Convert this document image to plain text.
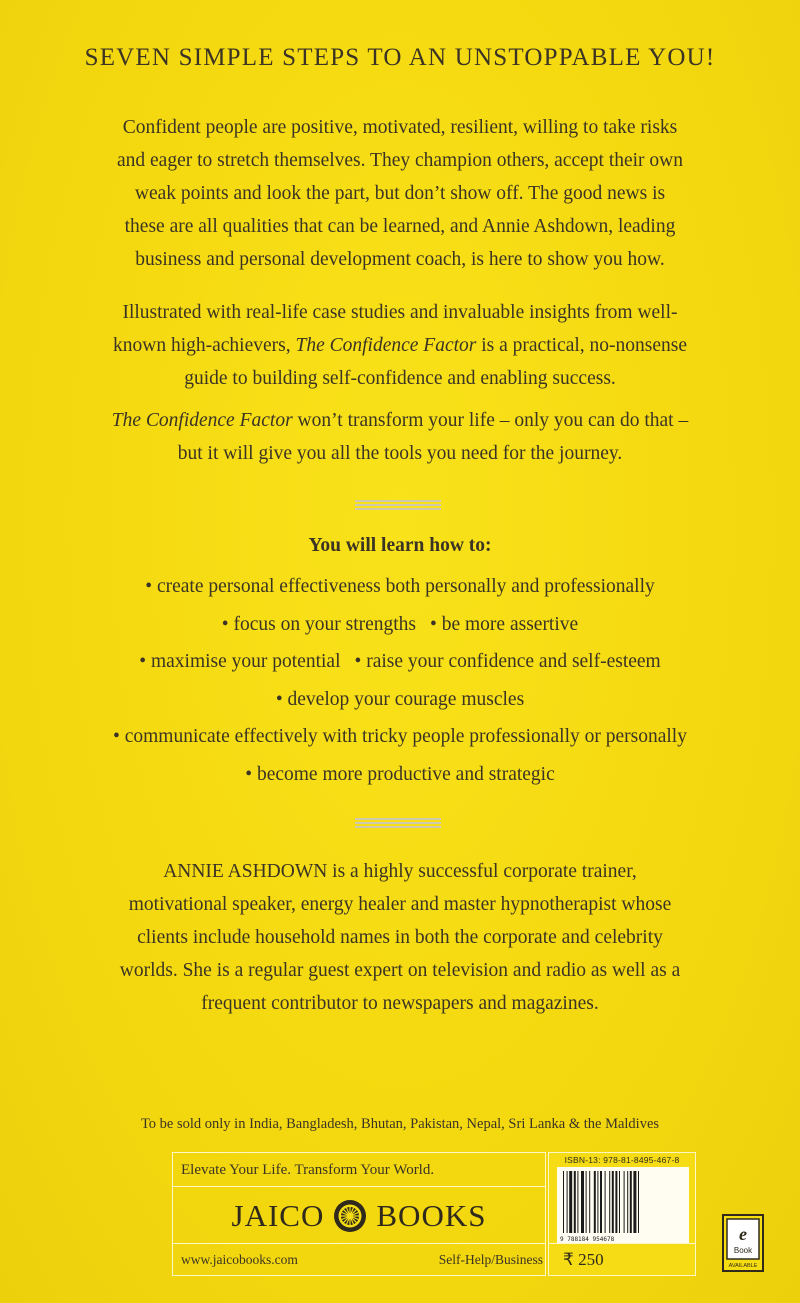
SEVEN SIMPLE STEPS TO AN UNSTOPPABLE YOU!
Confident people are positive, motivated, resilient, willing to take risks
and eager to stretch themselves. They champion others, accept their own
weak points and look the part, but don’t show off. The good news is
these are all qualities that can be learned, and Annie Ashdown, leading
business and personal development coach, is here to show you how.
Illustrated with real-life case studies and invaluable insights from well-
known high-achievers, The Confidence Factor is a practical, no-nonsense
guide to building self-confidence and enabling success.
The Confidence Factor won’t transform your life – only you can do that –
but it will give you all the tools you need for the journey.
You will learn how to:
• create personal effectiveness both personally and professionally
• focus on your strengths • be more assertive
• maximise your potential • raise your confidence and self-esteem
• develop your courage muscles
• communicate effectively with tricky people professionally or personally
• become more productive and strategic
ANNIE ASHDOWN is a highly successful corporate trainer,
motivational speaker, energy healer and master hypnotherapist whose
clients include household names in both the corporate and celebrity
worlds. She is a regular guest expert on television and radio as well as a
frequent contributor to newspapers and magazines.
To be sold only in India, Bangladesh, Bhutan, Pakistan, Nepal, Sri Lanka & the Maldives
Elevate Your Life. Transform Your World.
JAICO BOOKS
www.jaicobooks.com	Self-Help/Business
ISBN-13: 978-81-8495-467-8
9 788184 954678
₹ 250
e
Book
AVAILABLE
